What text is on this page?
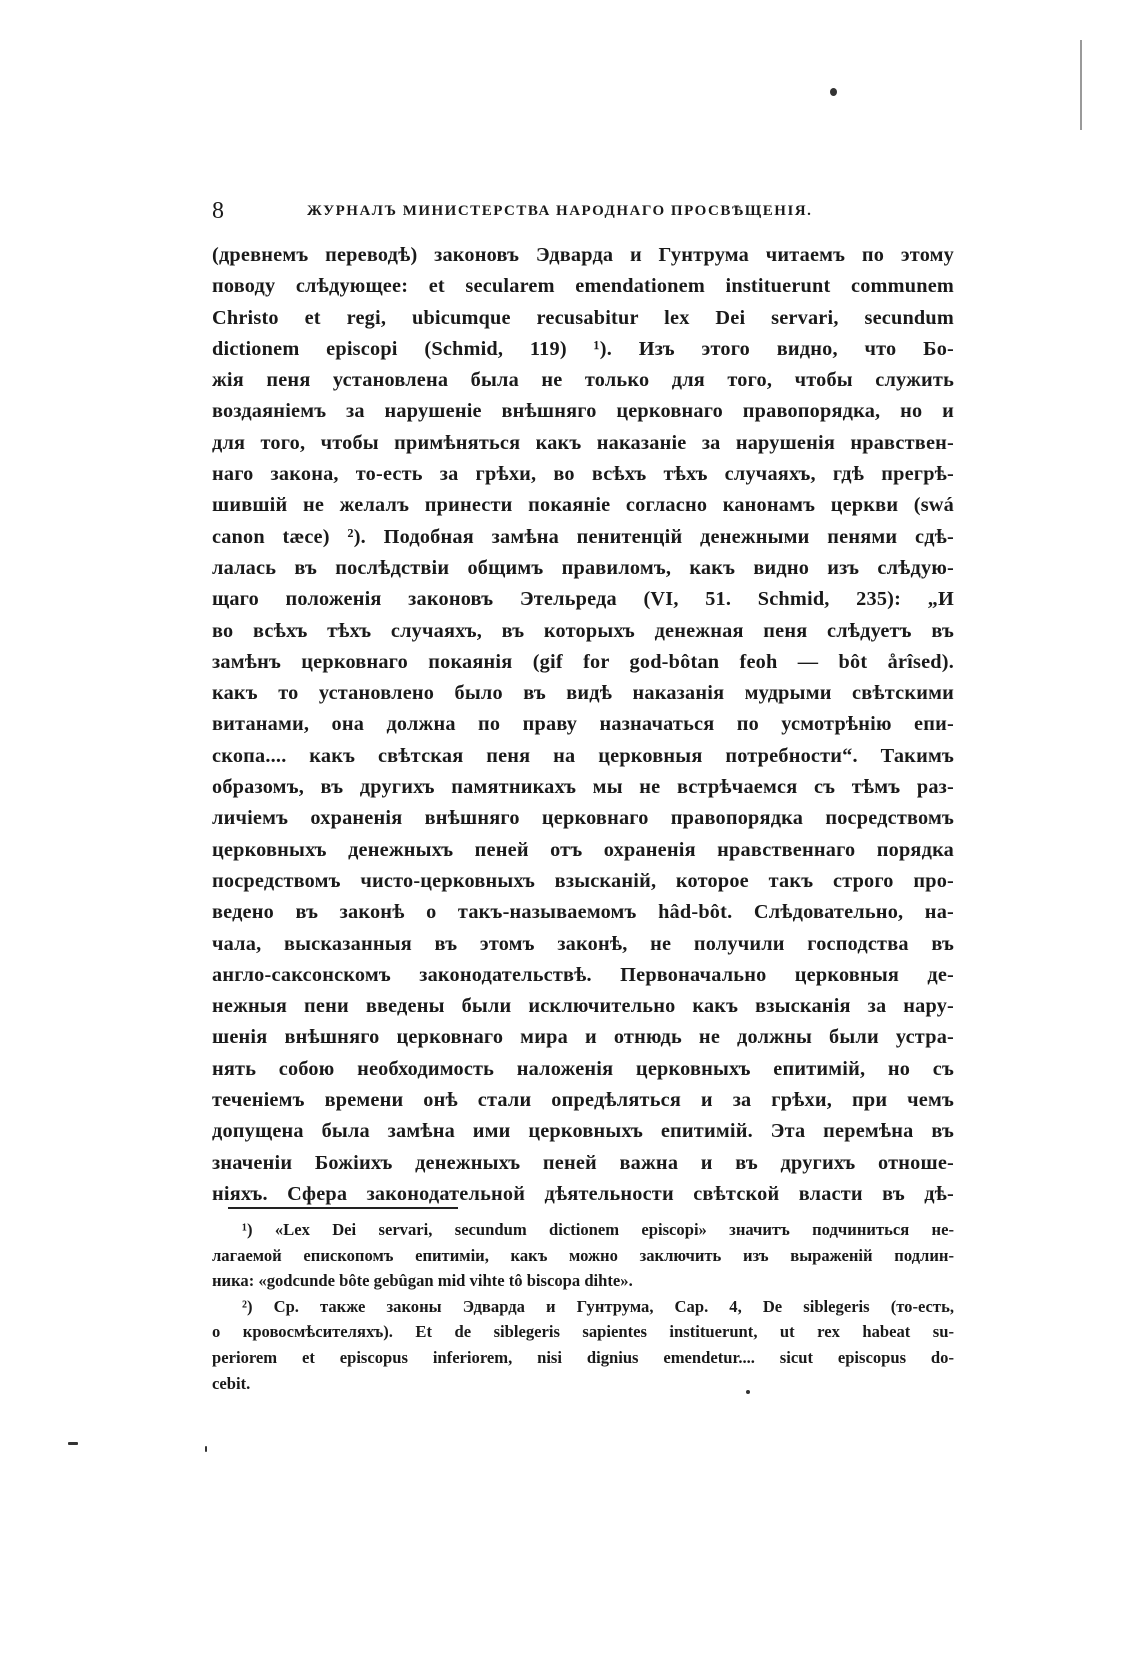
8	ЖУРНАЛЪ МИНИСТЕРСТВА НАРОДНАГО ПРОСВѢЩЕНІЯ.
(древнемъ переводѣ) законовъ Эдварда и Гунтрума читаемъ по этому
поводу слѣдующее: et secularem emendationem instituerunt communem
Christo et regi, ubicumque recusabitur lex Dei servari, secundum
dictionem episcopi (Schmid, 119) ¹). Изъ этого видно, что Бо-
жія пеня установлена была не только для того, чтобы служить
воздаяніемъ за нарушеніе внѣшняго церковнаго правопорядка, но и
для того, чтобы примѣняться какъ наказаніе за нарушенія нравствен-
наго закона, то-есть за грѣхи, во всѣхъ тѣхъ случаяхъ, гдѣ прегрѣ-
шившій не желалъ принести покаяніе согласно канонамъ церкви (swá
canon tæce) ²). Подобная замѣна пенитенцій денежными пенями сдѣ-
лалась въ послѣдствіи общимъ правиломъ, какъ видно изъ слѣдую-
щаго положенія законовъ Этельреда (VI, 51. Schmid, 235): „И
во всѣхъ тѣхъ случаяхъ, въ которыхъ денежная пеня слѣдуетъ въ
замѣнъ церковнаго покаянія (gif for god-bôtan feoh — bôt årîsed).
какъ то установлено было въ видѣ наказанія мудрыми свѣтскими
витанами, она должна по праву назначаться по усмотрѣнію епи-
скопа.... какъ свѣтская пеня на церковныя потребности“. Такимъ
образомъ, въ другихъ памятникахъ мы не встрѣчаемся съ тѣмъ раз-
личіемъ охраненія внѣшняго церковнаго правопорядка посредствомъ
церковныхъ денежныхъ пеней отъ охраненія нравственнаго порядка
посредствомъ чисто-церковныхъ взысканій, которое такъ строго про-
ведено въ законѣ о такъ-называемомъ hâd-bôt. Слѣдовательно, на-
чала, высказанныя въ этомъ законѣ, не получили господства въ
англо-саксонскомъ законодательствѣ. Первоначально церковныя де-
нежныя пени введены были исключительно какъ взысканія за нару-
шенія внѣшняго церковнаго мира и отнюдь не должны были устра-
нять собою необходимость наложенія церковныхъ епитимій, но съ
теченіемъ времени онѣ стали опредѣляться и за грѣхи, при чемъ
допущена была замѣна ими церковныхъ епитимій. Эта перемѣна въ
значеніи Божіихъ денежныхъ пеней важна и въ другихъ отноше-
ніяхъ. Сфера законодательной дѣятельности свѣтской власти въ дѣ-
¹) «Lex Dei servari, secundum dictionem episcopi» значитъ подчиниться не-
лагаемой епископомъ епитиміи, какъ можно заключить изъ выраженій подлин-
ника: «godcunde bôte gebûgan mid vihte tô biscopa dihte».
²) Ср. также законы Эдварда и Гунтрума, Cap. 4, De siblegeris (то-есть,
о кровосмѣсителяхъ). Et de siblegeris sapientes instituerunt, ut rex habeat su-
periorem et episcopus inferiorem, nisi dignius emendetur.... sicut episcopus do-
cebit.
